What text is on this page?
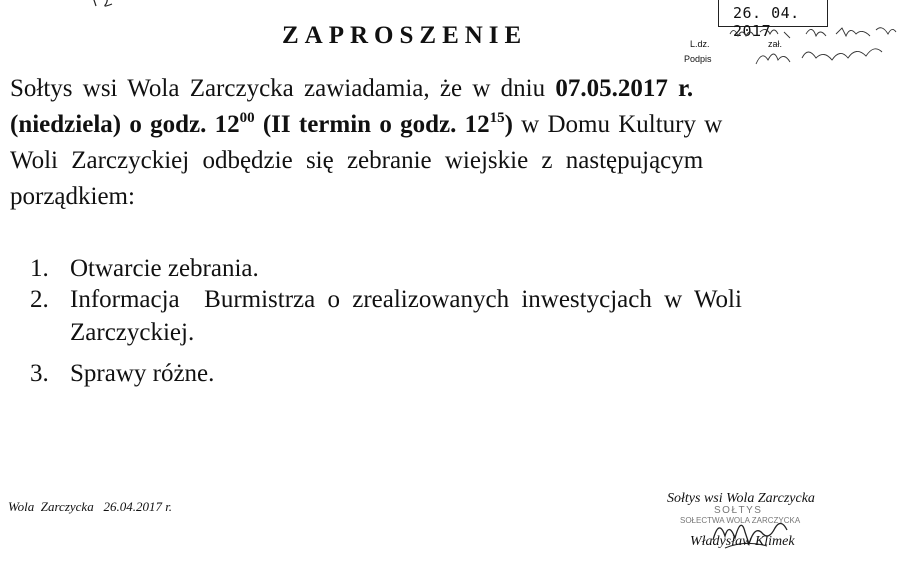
26. 04. 2017
L.dz.	zał.
Podpis
ZAPROSZENIE
Sołtys wsi Wola Zarczycka zawiadamia, że w dniu 07.05.2017 r.
(niedziela) o godz. $12^{00}$ (II termin o godz. $12^{15}$) w Domu Kultury w
Woli Zarczyckiej odbędzie się zebranie wiejskie z następującym
porządkiem:
1. Otwarcie zebrania.
2. Informacja  Burmistrza o zrealizowanych inwestycjach w Woli
Zarczyckiej.
3. Sprawy różne.
Wola  Zarczycka   26.04.2017 r.
Sołtys wsi Wola Zarczycka
SOŁTYS
SOŁECTWA WOLA ZARCZYCKA
Władysław Klimek
